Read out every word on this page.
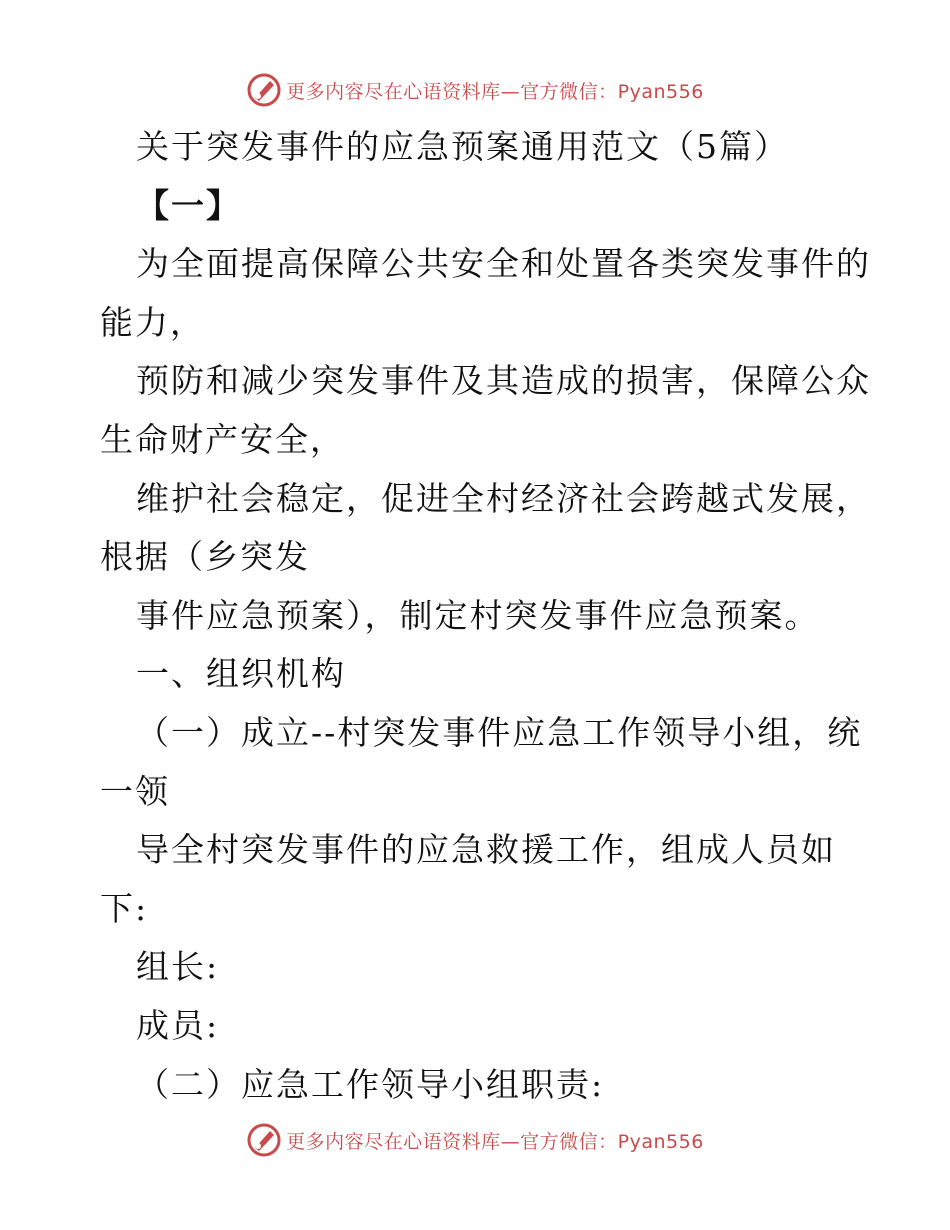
更多内容尽在心语资料库—官方微信：Pyan556

关于突发事件的应急预案通用范文（5篇）

【一】

为全面提高保障公共安全和处置各类突发事件的

能力，

预防和减少突发事件及其造成的损害，保障公众

生命财产安全，

维护社会稳定，促进全村经济社会跨越式发展，

根据（乡突发

事件应急预案），制定村突发事件应急预案。

一、组织机构

（一）成立--村突发事件应急工作领导小组，统

一领

导全村突发事件的应急救援工作，组成人员如

下:

组长:

成员:

（二）应急工作领导小组职责:

更多内容尽在心语资料库—官方微信：Pyan556
